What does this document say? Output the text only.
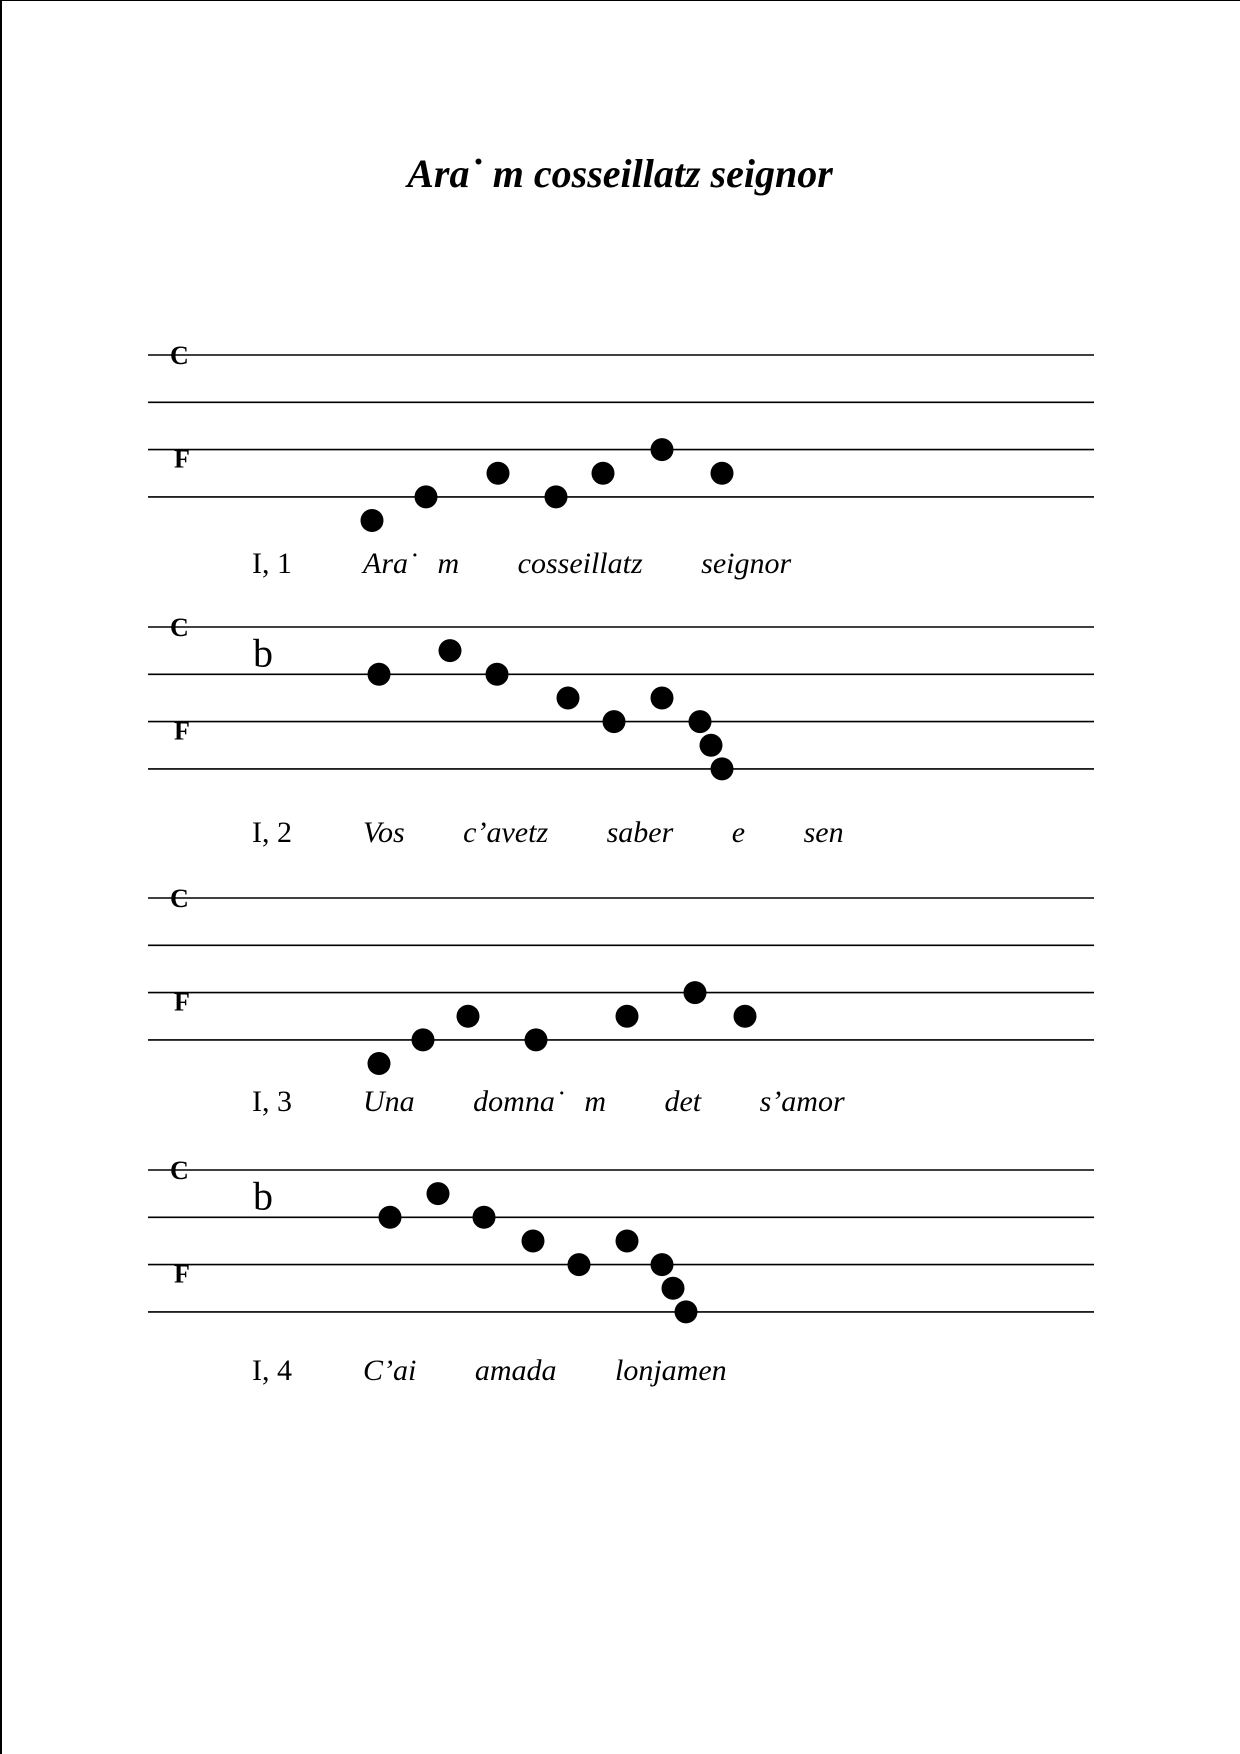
Ara˙ m cosseillatz seignor
C
F
C
F
b
C
F
C
F
b
I, 1 Ara˙ m   cosseillatz   seignor
I, 2 Vos   c’avetz   saber   e   sen
I, 3 Una   domna˙ m   det   s’amor
I, 4 C’ai   amada   lonjamen
